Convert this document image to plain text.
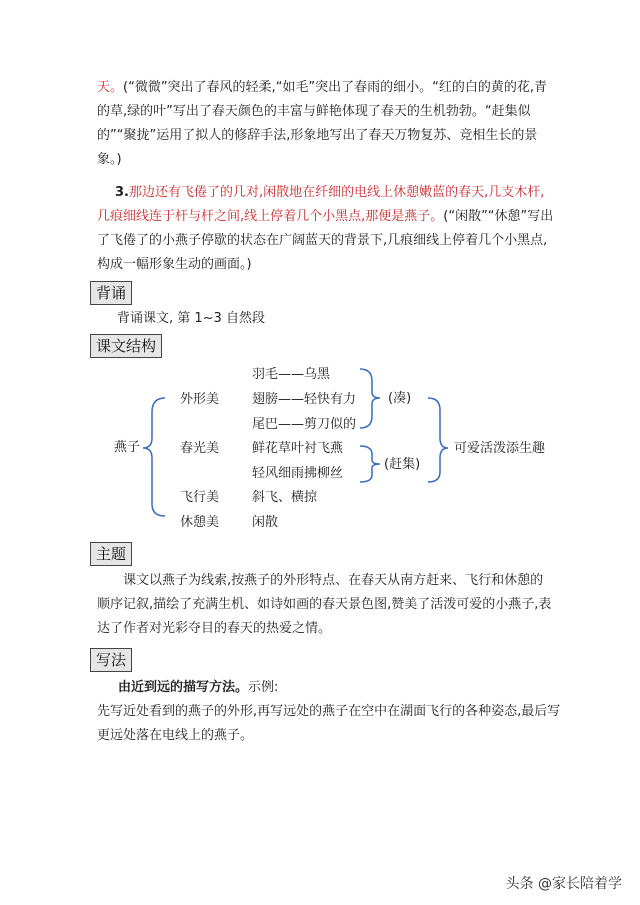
天。(“微微”突出了春风的轻柔,“如毛”突出了春雨的细小。“红的白的黄的花,青的草,绿的叶”写出了春天颜色的丰富与鲜艳体现了春天的生机勃勃。“赶集似的”“聚拢”运用了拟人的修辞手法,形象地写出了春天万物复苏、竞相生长的景象。)

3.那边还有飞倦了的几对,闲散地在纤细的电线上休憩嫩蓝的春天,几支木杆,几痕细线连于杆与杆之间,线上停着几个小黑点,那便是燕子。(“闲散”“休憩”写出了飞倦了的小燕子停歇的状态在广阔蓝天的背景下,几痕细线上停着几个小黑点,构成一幅形象生动的画面。)

背诵

背诵课文, 第 1~3 自然段

课文结构
燕子
外形美
春光美
飞行美
休憩美
羽毛——乌黑
翅膀——轻快有力
尾巴——剪刀似的
鲜花草叶衬飞燕
轻风细雨拂柳丝
斜飞、横掠
闲散
(凑)
(赶集)
可爱活泼添生趣
主题

课文以燕子为线索,按燕子的外形特点、在春天从南方赶来、飞行和休憩的顺序记叙,描绘了充满生机、如诗如画的春天景色图,赞美了活泼可爱的小燕子,表达了作者对光彩夺目的春天的热爱之情。

写法

由近到远的描写方法。示例:

先写近处看到的燕子的外形,再写远处的燕子在空中在湖面飞行的各种姿态,最后写更远处落在电线上的燕子。

头条 @家长陪着学
